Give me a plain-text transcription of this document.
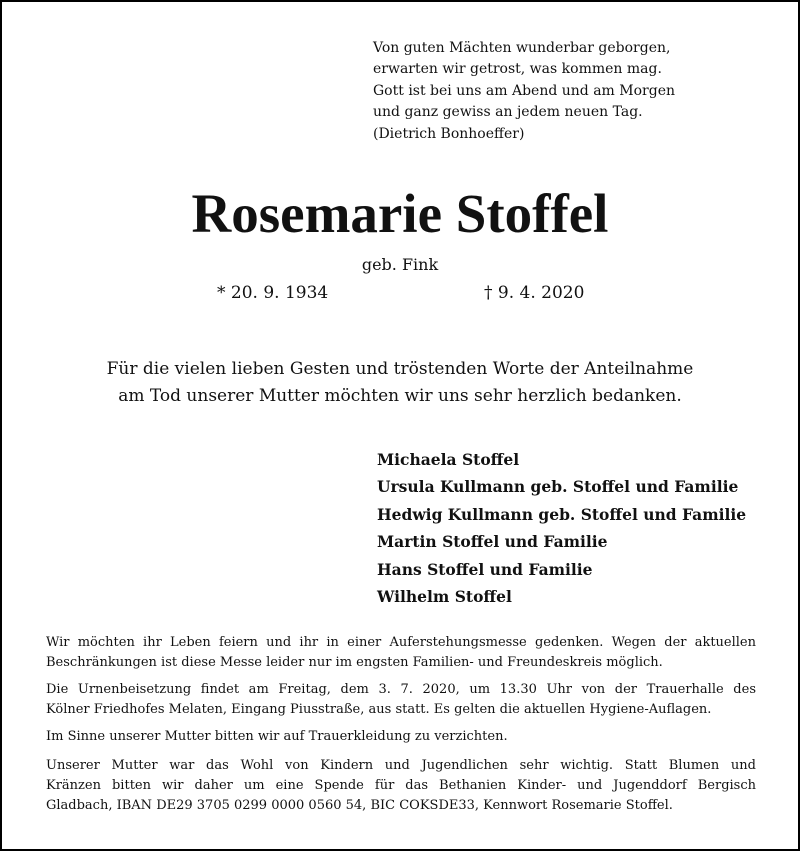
Von guten Mächten wunderbar geborgen,
erwarten wir getrost, was kommen mag.
Gott ist bei uns am Abend und am Morgen
und ganz gewiss an jedem neuen Tag.
(Dietrich Bonhoeffer)
Rosemarie Stoffel
geb. Fink
* 20. 9. 1934	† 9. 4. 2020
Für die vielen lieben Gesten und tröstenden Worte der Anteilnahme
am Tod unserer Mutter möchten wir uns sehr herzlich bedanken.
Michaela Stoffel
Ursula Kullmann geb. Stoffel und Familie
Hedwig Kullmann geb. Stoffel und Familie
Martin Stoffel und Familie
Hans Stoffel und Familie
Wilhelm Stoffel

Wir möchten ihr Leben feiern und ihr in einer Auferstehungsmesse gedenken. Wegen der aktuellen
Beschränkungen ist diese Messe leider nur im engsten Familien- und Freundeskreis möglich.

Die Urnenbeisetzung findet am Freitag, dem 3. 7. 2020, um 13.30 Uhr von der Trauerhalle des
Kölner Friedhofes Melaten, Eingang Piusstraße, aus statt. Es gelten die aktuellen Hygiene-Auflagen.

Im Sinne unserer Mutter bitten wir auf Trauerkleidung zu verzichten.

Unserer Mutter war das Wohl von Kindern und Jugendlichen sehr wichtig. Statt Blumen und
Kränzen bitten wir daher um eine Spende für das Bethanien Kinder- und Jugenddorf Bergisch
Gladbach, IBAN DE29 3705 0299 0000 0560 54, BIC COKSDE33, Kennwort Rosemarie Stoffel.
